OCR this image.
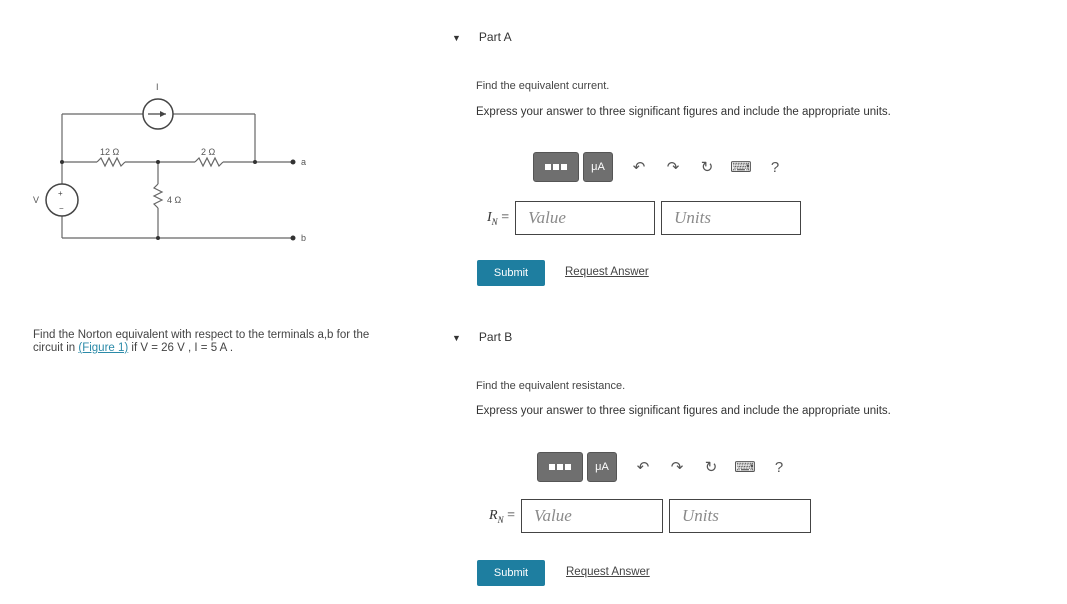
+
−
I
V
12 Ω	2 Ω
4 Ω
a
b
Find the Norton equivalent with respect to the terminals a,b for the circuit in (Figure 1) if V = 26 V , I = 5 A .
▼ Part A
Find the equivalent current.
Express your answer to three significant figures and include the appropriate units.
μA	↶	↷	↻	⌨	?
$I_N$ =	Value	Units
Submit	Request Answer
▼ Part B
Find the equivalent resistance.
Express your answer to three significant figures and include the appropriate units.
μA	↶	↷	↻	⌨	?
$R_N$ =	Value	Units
Submit	Request Answer
